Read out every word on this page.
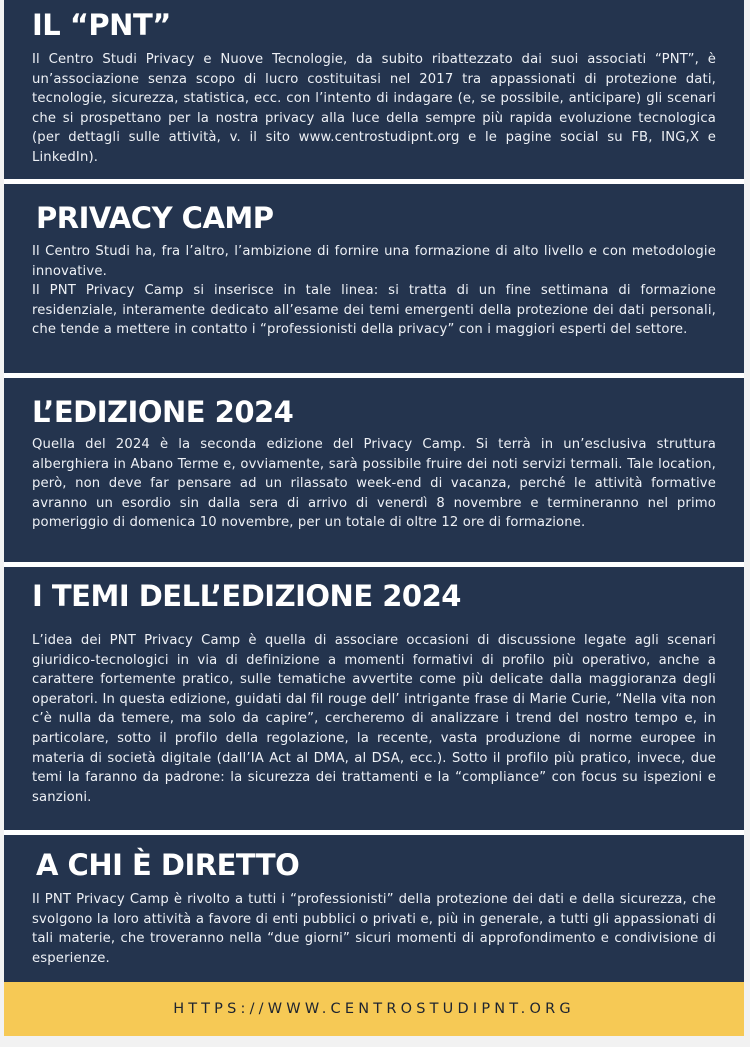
IL “PNT”

Il Centro Studi Privacy e Nuove Tecnologie, da subito ribattezzato dai suoi associati “PNT”, è un’associazione senza scopo di lucro costituitasi nel 2017 tra appassionati di protezione dati, tecnologie, sicurezza, statistica, ecc. con l’intento di indagare (e, se possibile, anticipare) gli scenari che si prospettano per la nostra privacy alla luce della sempre più rapida evoluzione tecnologica (per dettagli sulle attività, v. il sito www.centrostudipnt.org e le pagine social su FB, ING,X e LinkedIn).

PRIVACY CAMP

Il Centro Studi ha, fra l’altro, l’ambizione di fornire una formazione di alto livello e con metodologie innovative.
Il PNT Privacy Camp si inserisce in tale linea: si tratta di un fine settimana di formazione residenziale, interamente dedicato all’esame dei temi emergenti della protezione dei dati personali, che tende a mettere in contatto i “professionisti della privacy” con i maggiori esperti del settore.

L’EDIZIONE 2024

Quella del 2024 è la seconda edizione del Privacy Camp. Si terrà in un’esclusiva struttura alberghiera in Abano Terme e, ovviamente, sarà possibile fruire dei noti servizi termali. Tale location, però, non deve far pensare ad un rilassato week-end di vacanza, perché le attività formative avranno un esordio sin dalla sera di arrivo di venerdì 8 novembre e termineranno nel primo pomeriggio di domenica 10 novembre, per un totale di oltre 12 ore di formazione.

I TEMI DELL’EDIZIONE 2024

L’idea dei PNT Privacy Camp è quella di associare occasioni di discussione legate agli scenari giuridico-tecnologici in via di definizione a momenti formativi di profilo più operativo, anche a carattere fortemente pratico, sulle tematiche avvertite come più delicate dalla maggioranza degli operatori. In questa edizione, guidati dal fil rouge dell’ intrigante frase di Marie Curie, “Nella vita non c’è nulla da temere, ma solo da capire”, cercheremo di analizzare i trend del nostro tempo e, in particolare, sotto il profilo della regolazione, la recente, vasta produzione di norme europee in materia di società digitale (dall’IA Act al DMA, al DSA, ecc.). Sotto il profilo più pratico, invece, due temi la faranno da padrone: la sicurezza dei trattamenti e la “compliance” con focus su ispezioni e sanzioni.

A CHI È DIRETTO

Il PNT Privacy Camp è rivolto a tutti i “professionisti” della protezione dei dati e della sicurezza, che svolgono la loro attività a favore di enti pubblici o privati e, più in generale, a tutti gli appassionati di tali materie, che troveranno nella “due giorni” sicuri momenti di approfondimento e condivisione di esperienze.

HTTPS://WWW.CENTROSTUDIPNT.ORG
